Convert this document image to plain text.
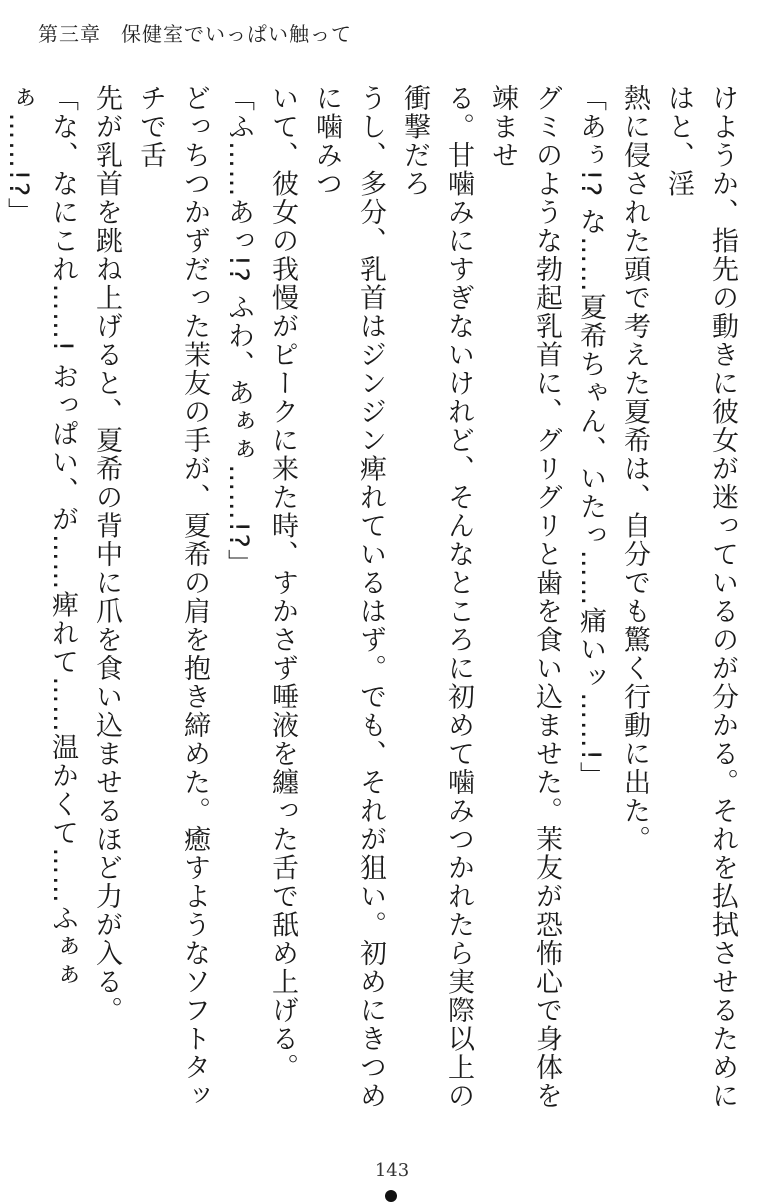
第三章 保健室でいっぱい触って

けようか、指先の動きに彼女が迷っているのが分かる。それを払拭させるためにはと、淫
熱に侵された頭で考えた夏希は、自分でも驚く行動に出た。

「あぅ!? な……夏希ちゃん、いたっ……痛いッ……!」

グミのような勃起乳首に、グリグリと歯を食い込ませた。茉友が恐怖心で身体を竦ませ
る。甘噛みにすぎないけれど、そんなところに初めて噛みつかれたら実際以上の衝撃だろ
うし、多分、乳首はジンジン痺れているはず。でも、それが狙い。初めにきつめに噛みつ
いて、彼女の我慢がピークに来た時、すかさず唾液を纏った舌で舐め上げる。

「ふ……あっ!? ふわ、あぁぁ……!?」

どっちつかずだった茉友の手が、夏希の肩を抱き締めた。癒すようなソフトタッチで舌
先が乳首を跳ね上げると、夏希の背中に爪を食い込ませるほど力が入る。

「な、なにこれ……! おっぱい、が……痺れて……温かくて……ふぁぁぁ……!?」

143
